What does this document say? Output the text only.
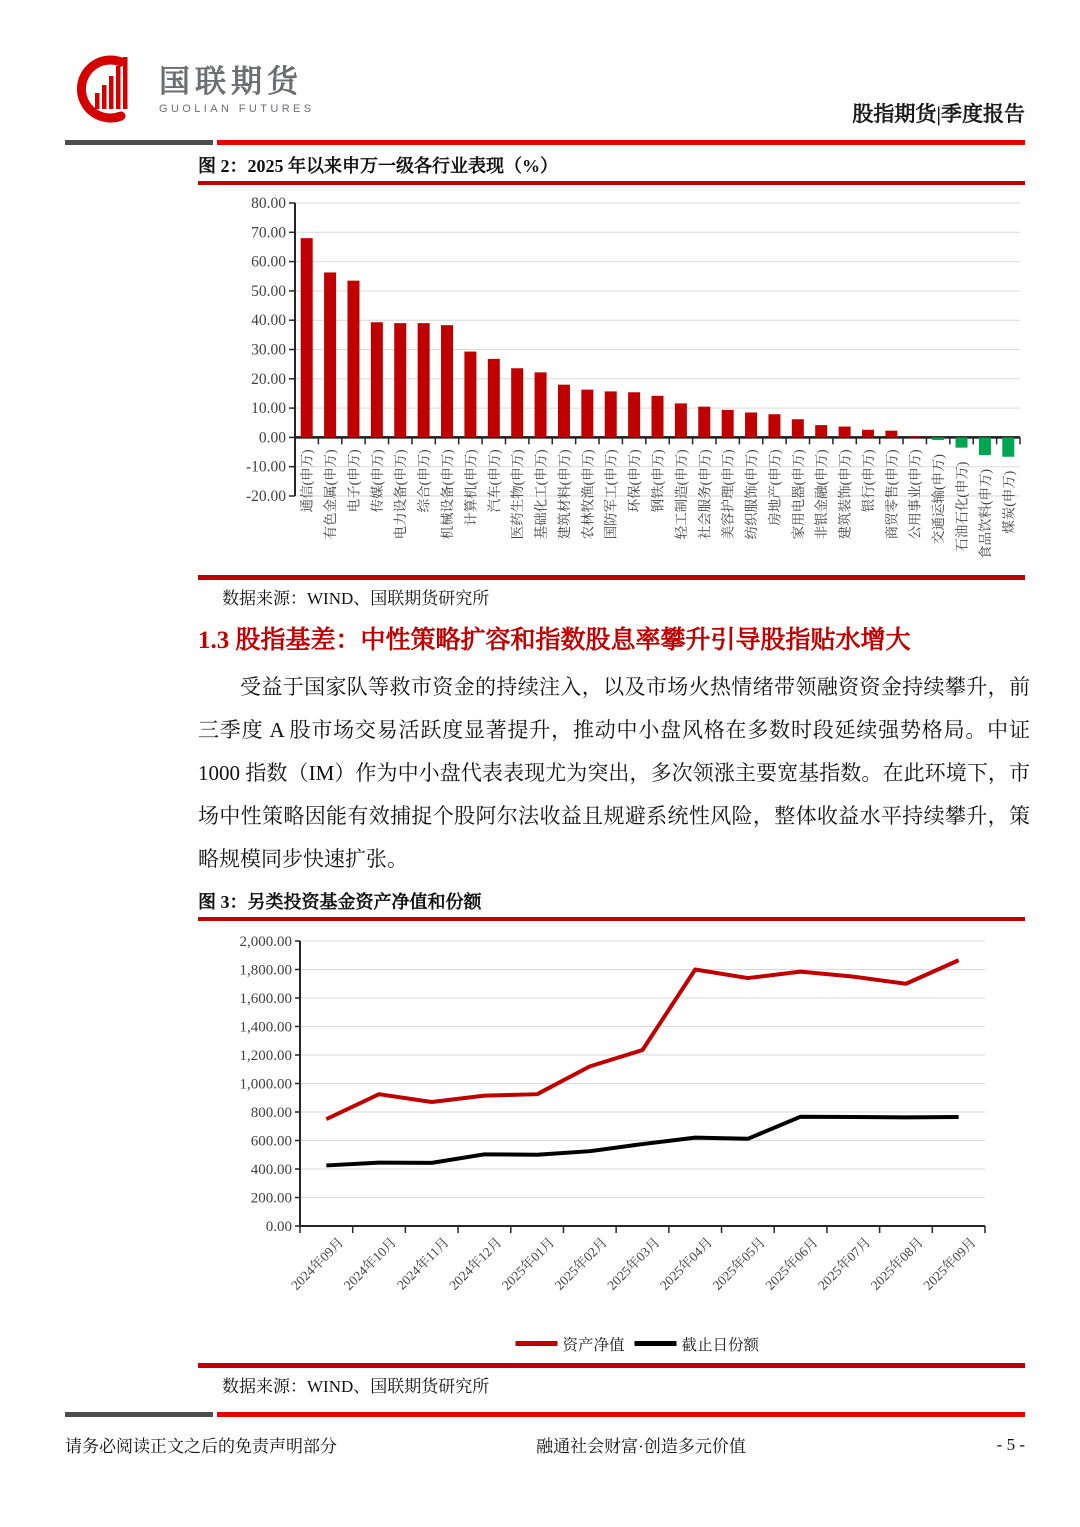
国联期货
GUOLIAN FUTURES	股指期货|季度报告
图 2：2025 年以来申万一级各行业表现（%）
80.00
70.00
60.00
50.00
40.00
30.00
20.00
10.00
0.00
-10.00
-20.00 通信(申万) 有色金属(申万) 电子(申万) 传媒(申万) 电力设备(申万) 综合(申万) 机械设备(申万) 计算机(申万) 汽车(申万) 医药生物(申万) 基础化工(申万) 建筑材料(申万) 农林牧渔(申万) 国防军工(申万) 环保(申万) 钢铁(申万) 轻工制造(申万) 社会服务(申万) 美容护理(申万) 纺织服饰(申万) 房地产(申万) 家用电器(申万) 非银金融(申万) 建筑装饰(申万) 银行(申万) 商贸零售(申万) 公用事业(申万) 交通运输(申万) 石油石化(申万) 食品饮料(申万) 煤炭(申万)
数据来源：WIND、国联期货研究所
1.3 股指基差：中性策略扩容和指数股息率攀升引导股指贴水增大
受益于国家队等救市资金的持续注入，以及市场火热情绪带领融资资金持续攀升，前三季度 A 股市场交易活跃度显著提升，推动中小盘风格在多数时段延续强势格局。中证 1000 指数（IM）作为中小盘代表表现尤为突出，多次领涨主要宽基指数。在此环境下，市场中性策略因能有效捕捉个股阿尔法收益且规避系统性风险，整体收益水平持续攀升，策略规模同步快速扩张。
图 3：另类投资基金资产净值和份额
0.00
200.00
400.00
600.00
800.00
1,000.00
1,200.00
1,400.00
1,600.00
1,800.00
2,000.00
2024年09月
2024年10月
2024年11月
2024年12月
2025年01月
2025年02月
2025年03月
2025年04月
2025年05月
2025年06月
2025年07月
2025年08月
2025年09月
资产净值	截止日份额
数据来源：WIND、国联期货研究所
请务必阅读正文之后的免责声明部分	融通社会财富·创造多元价值	- 5 -
